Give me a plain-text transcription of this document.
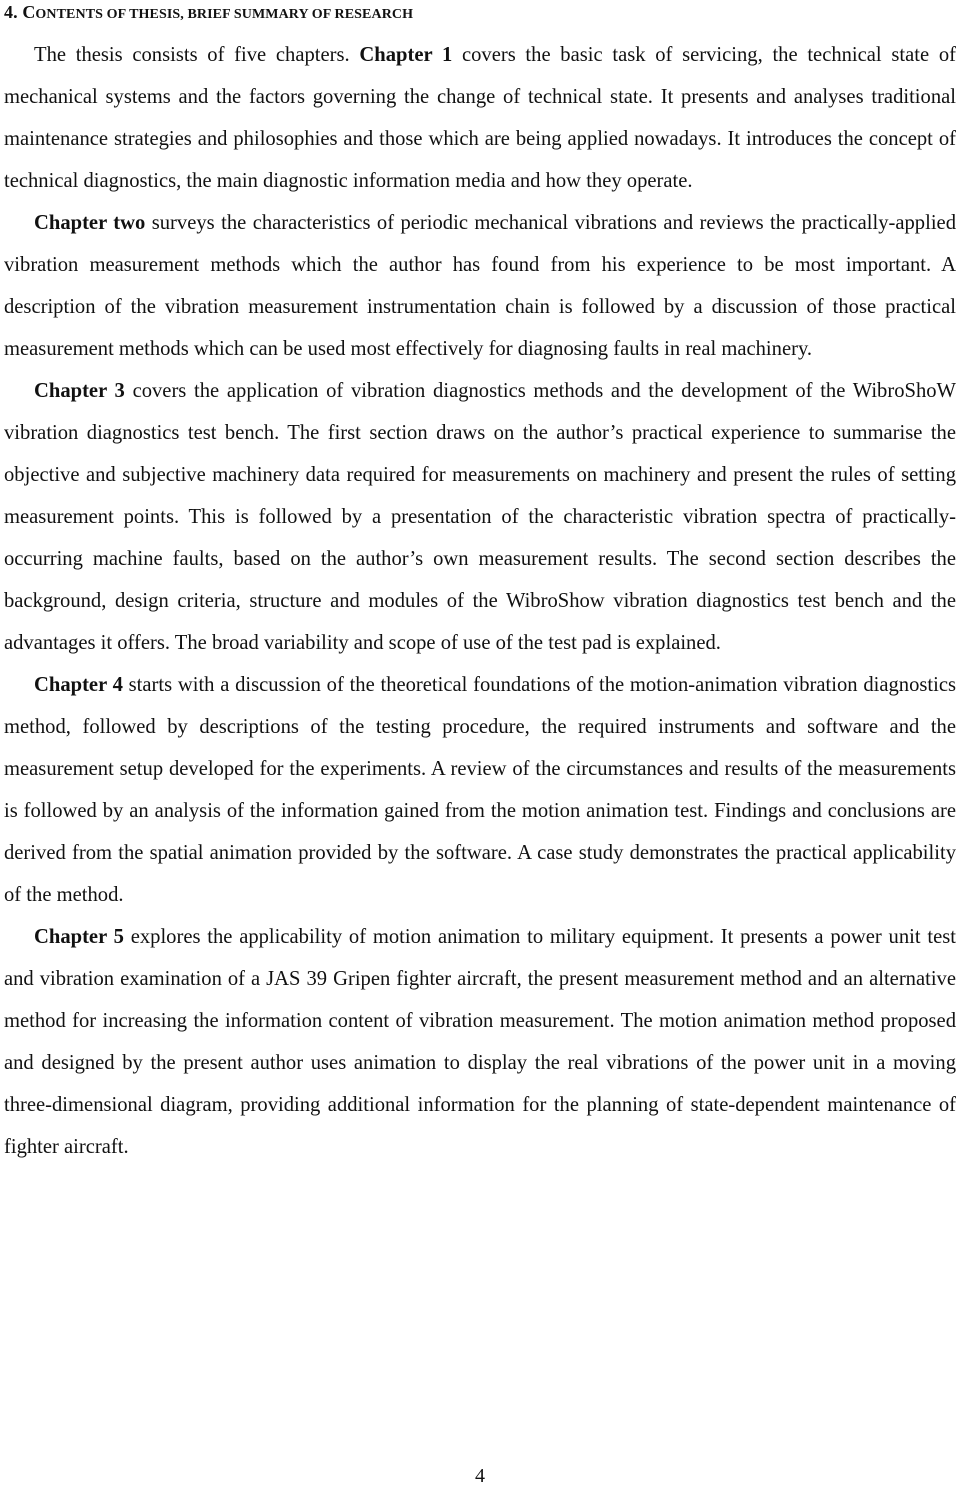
4. CONTENTS OF THESIS, BRIEF SUMMARY OF RESEARCH

The thesis consists of five chapters. Chapter 1 covers the basic task of servicing, the technical state of mechanical systems and the factors governing the change of technical state. It presents and analyses traditional maintenance strategies and philosophies and those which are being applied nowadays. It introduces the concept of technical diagnostics, the main diagnostic information media and how they operate.

Chapter two surveys the characteristics of periodic mechanical vibrations and reviews the practically-applied vibration measurement methods which the author has found from his experience to be most important. A description of the vibration measurement instrumentation chain is followed by a discussion of those practical measurement methods which can be used most effectively for diagnosing faults in real machinery.

Chapter 3 covers the application of vibration diagnostics methods and the development of the WibroShoW vibration diagnostics test bench. The first section draws on the author’s practical experience to summarise the objective and subjective machinery data required for measurements on machinery and present the rules of setting measurement points. This is followed by a presentation of the characteristic vibration spectra of practically-occurring machine faults, based on the author’s own measurement results. The second section describes the background, design criteria, structure and modules of the WibroShow vibration diagnostics test bench and the advantages it offers. The broad variability and scope of use of the test pad is explained.

Chapter 4 starts with a discussion of the theoretical foundations of the motion-animation vibration diagnostics method, followed by descriptions of the testing procedure, the required instruments and software and the measurement setup developed for the experiments. A review of the circumstances and results of the measurements is followed by an analysis of the information gained from the motion animation test. Findings and conclusions are derived from the spatial animation provided by the software. A case study demonstrates the practical applicability of the method.

Chapter 5 explores the applicability of motion animation to military equipment. It presents a power unit test and vibration examination of a JAS 39 Gripen fighter aircraft, the present measurement method and an alternative method for increasing the information content of vibration measurement. The motion animation method proposed and designed by the present author uses animation to display the real vibrations of the power unit in a moving three-dimensional diagram, providing additional information for the planning of state-dependent maintenance of fighter aircraft.

4
